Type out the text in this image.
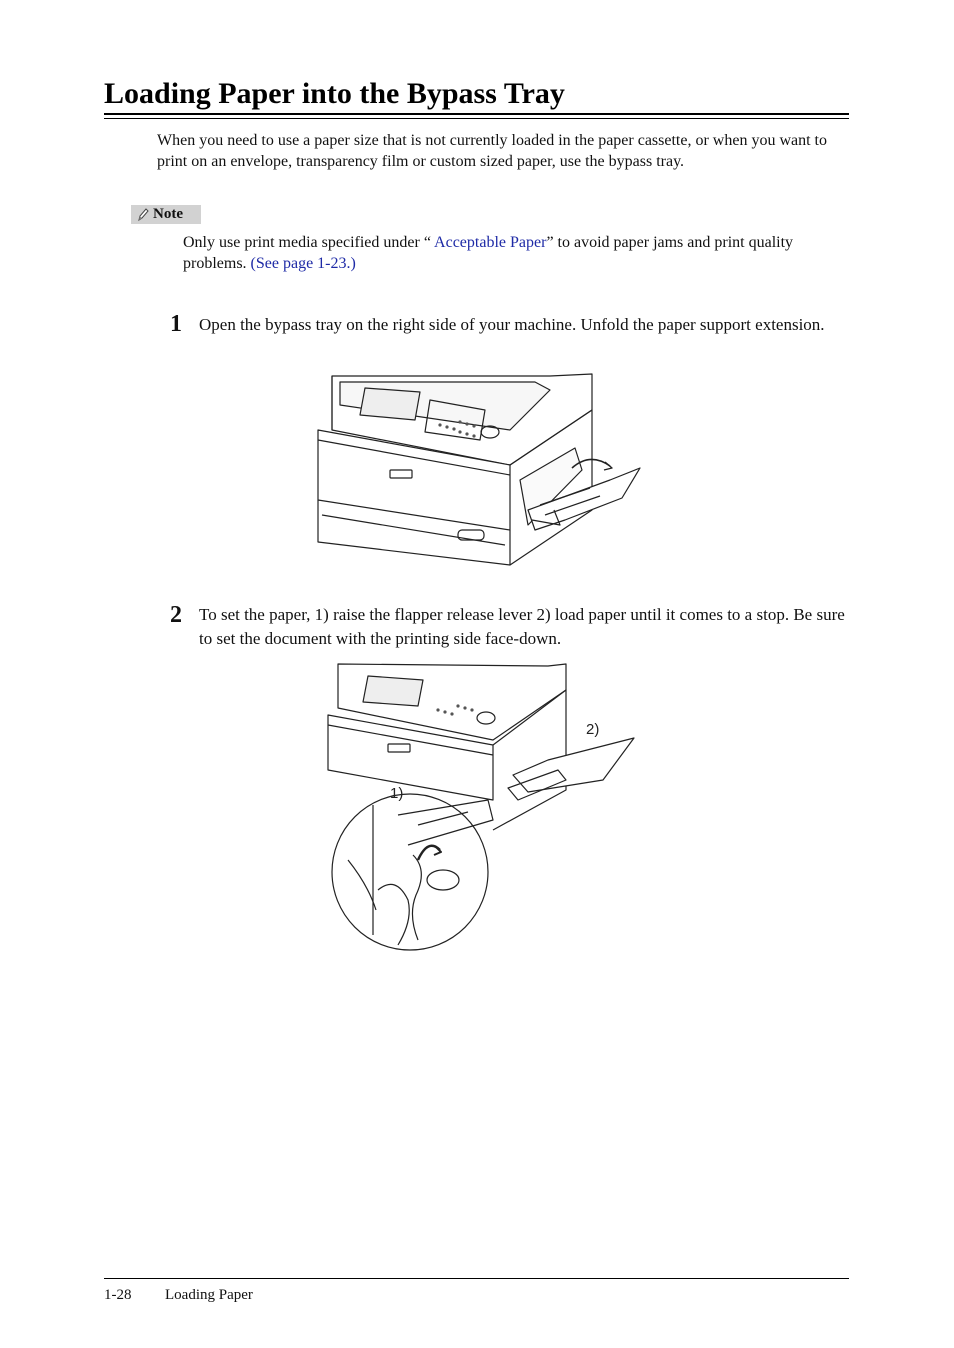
Loading Paper into the Bypass Tray
When you need to use a paper size that is not currently loaded in the paper cassette, or when you want to print on an envelope, transparency film or custom sized paper, use the bypass tray.
Note
Only use print media specified under “ Acceptable Paper” to avoid paper jams and print quality problems. (See page 1-23.)
1 Open the bypass tray on the right side of your machine. Unfold the paper support extension.
2 To set the paper, 1) raise the flapper release lever 2) load paper until it comes to a stop. Be sure to set the document with the printing side face-down.
2)
1)
1-28 Loading Paper
